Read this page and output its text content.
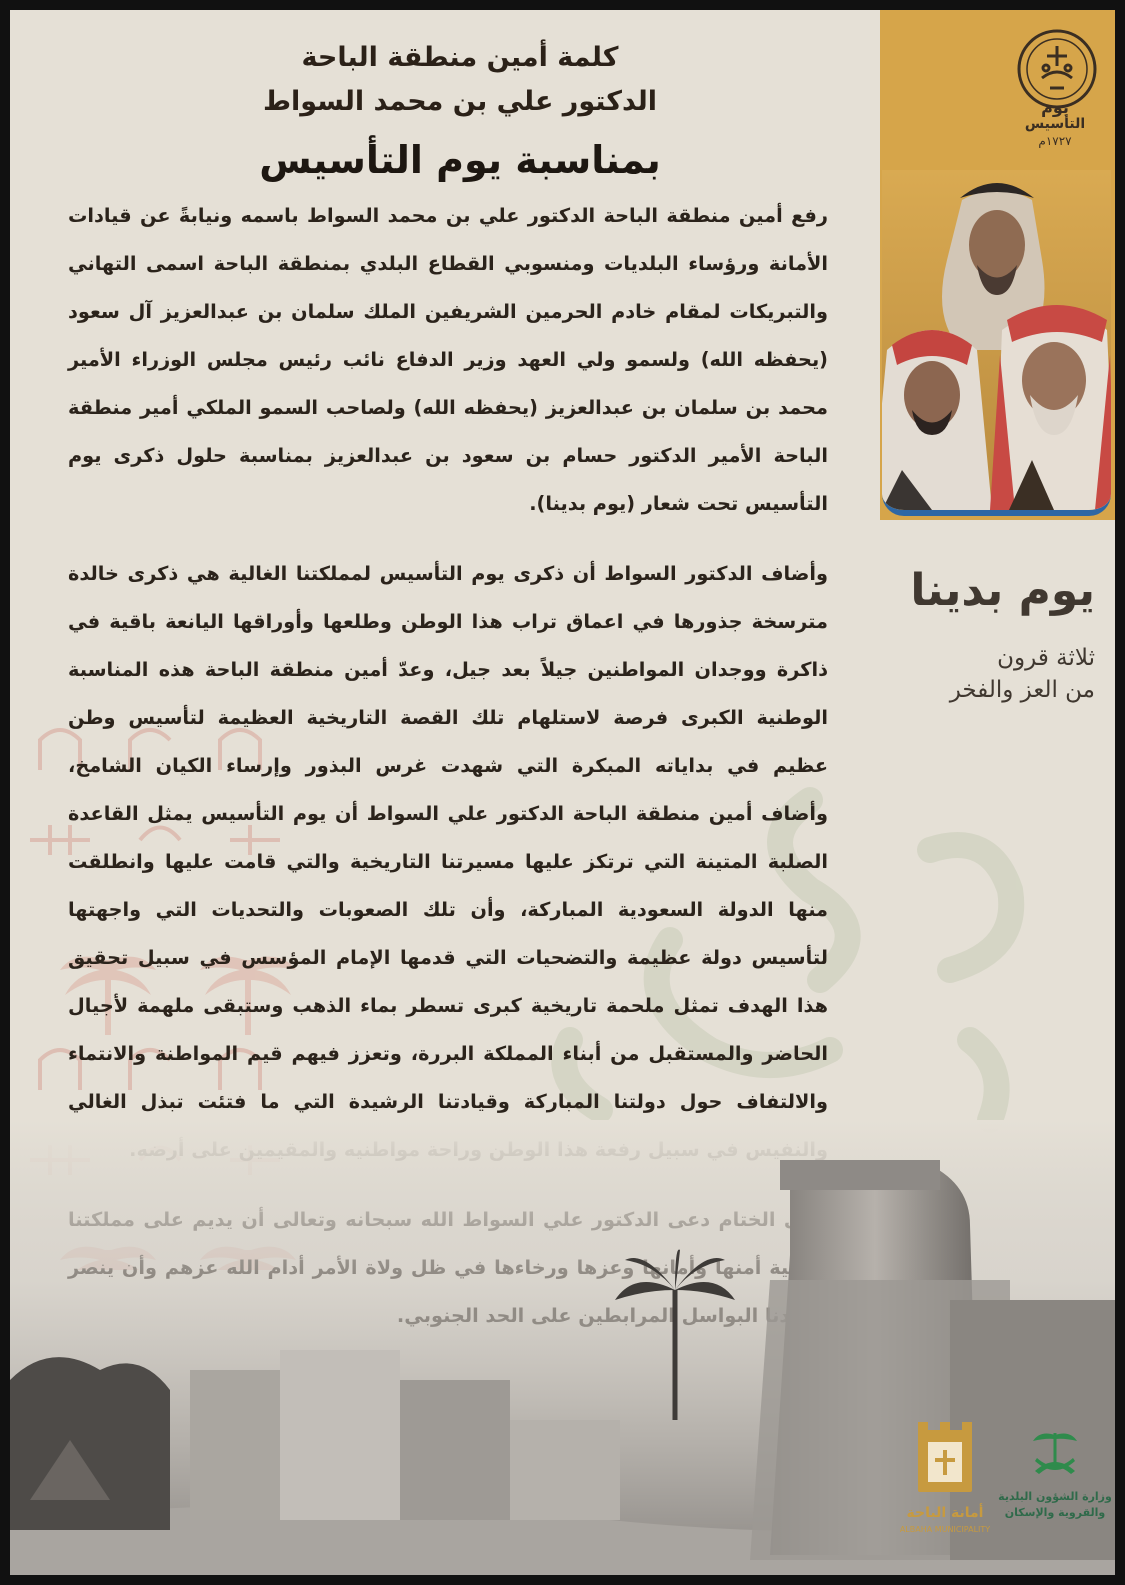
كلمة أمين منطقة الباحة
الدكتور علي بن محمد السواط
بمناسبة يوم التأسيس

رفع أمين منطقة الباحة الدكتور علي بن محمد السواط باسمه ونيابةً عن قيادات الأمانة ورؤساء البلديات ومنسوبي القطاع البلدي بمنطقة الباحة اسمى التهاني والتبريكات لمقام خادم الحرمين الشريفين الملك سلمان بن عبدالعزيز آل سعود (يحفظه الله) ولسمو ولي العهد وزير الدفاع نائب رئيس مجلس الوزراء الأمير محمد بن سلمان بن عبدالعزيز (يحفظه الله) ولصاحب السمو الملكي أمير منطقة الباحة الأمير الدكتور حسام بن سعود بن عبدالعزيز بمناسبة حلول ذكرى يوم التأسيس تحت شعار (يوم بدينا).

وأضاف الدكتور السواط أن ذكرى يوم التأسيس لمملكتنا الغالية هي ذكرى خالدة مترسخة جذورها في اعماق تراب هذا الوطن وطلعها وأوراقها اليانعة باقية في ذاكرة ووجدان المواطنين جيلاً بعد جيل، وعدّ أمين منطقة الباحة هذه المناسبة الوطنية الكبرى فرصة لاستلهام تلك القصة التاريخية العظيمة لتأسيس وطن عظيم في بداياته المبكرة التي شهدت غرس البذور وإرساء الكيان الشامخ، وأضاف أمين منطقة الباحة الدكتور علي السواط أن يوم التأسيس يمثل القاعدة الصلبة المتينة التي ترتكز عليها مسيرتنا التاريخية والتي قامت عليها وانطلقت منها الدولة السعودية المباركة، وأن تلك الصعوبات والتحديات التي واجهتها لتأسيس دولة عظيمة والتضحيات التي قدمها الإمام المؤسس في سبيل تحقيق هذا الهدف تمثل ملحمة تاريخية كبرى تسطر بماء الذهب وستبقى ملهمة لأجيال الحاضر والمستقبل من أبناء المملكة البررة، وتعزز فيهم قيم المواطنة والانتماء والالتفاف حول دولتنا المباركة وقيادتنا الرشيدة التي ما فتئت تبذل الغالي

يوم
التأسيس
١٧٢٧م
يوم بدينا
ثلاثة قرون
من العز والفخر
أمانة الباحة
ALBAHA MUNICIPALITY
وزارة الشؤون البلدية
والقروية والإسكان
